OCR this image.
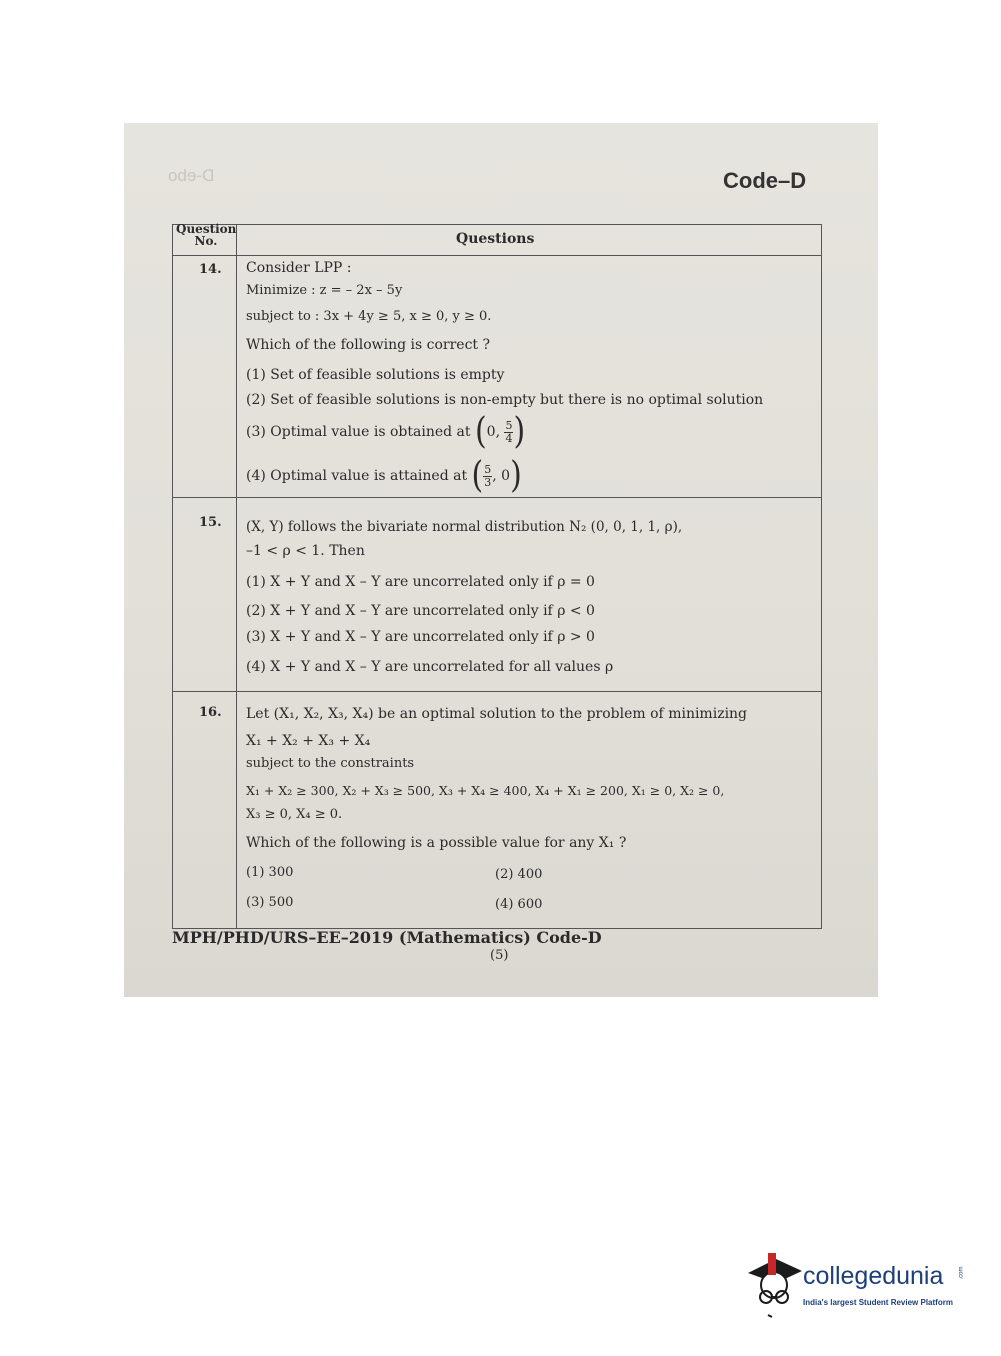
D-ebo	Code–D
Question No.	Questions
14. Consider LPP :
Minimize : z = – 2x – 5y
subject to : 3x + 4y ≥ 5, x ≥ 0, y ≥ 0.
Which of the following is correct ?
(1) Set of feasible solutions is empty
(2) Set of feasible solutions is non-empty but there is no optimal solution
(3) Optimal value is obtained at (0, $\frac{5}{4}$ )
(4) Optimal value is attained at ( $\frac{5}{3}$ , 0)
15. (X, Y) follows the bivariate normal distribution N₂ (0, 0, 1, 1, ρ),
–1 < ρ < 1. Then
(1) X + Y and X – Y are uncorrelated only if ρ = 0
(2) X + Y and X – Y are uncorrelated only if ρ < 0
(3) X + Y and X – Y are uncorrelated only if ρ > 0
(4) X + Y and X – Y are uncorrelated for all values ρ
16. Let (X₁, X₂, X₃, X₄) be an optimal solution to the problem of minimizing
X₁ + X₂ + X₃ + X₄
subject to the constraints
X₁ + X₂ ≥ 300, X₂ + X₃ ≥ 500, X₃ + X₄ ≥ 400, X₄ + X₁ ≥ 200, X₁ ≥ 0, X₂ ≥ 0,
X₃ ≥ 0, X₄ ≥ 0.
Which of the following is a possible value for any X₁ ?
(1) 300	(2) 400
(3) 500	(4) 600
MPH/PHD/URS–EE–2019 (Mathematics) Code-D
(5)
collegedunia	.com
India's largest Student Review Platform
